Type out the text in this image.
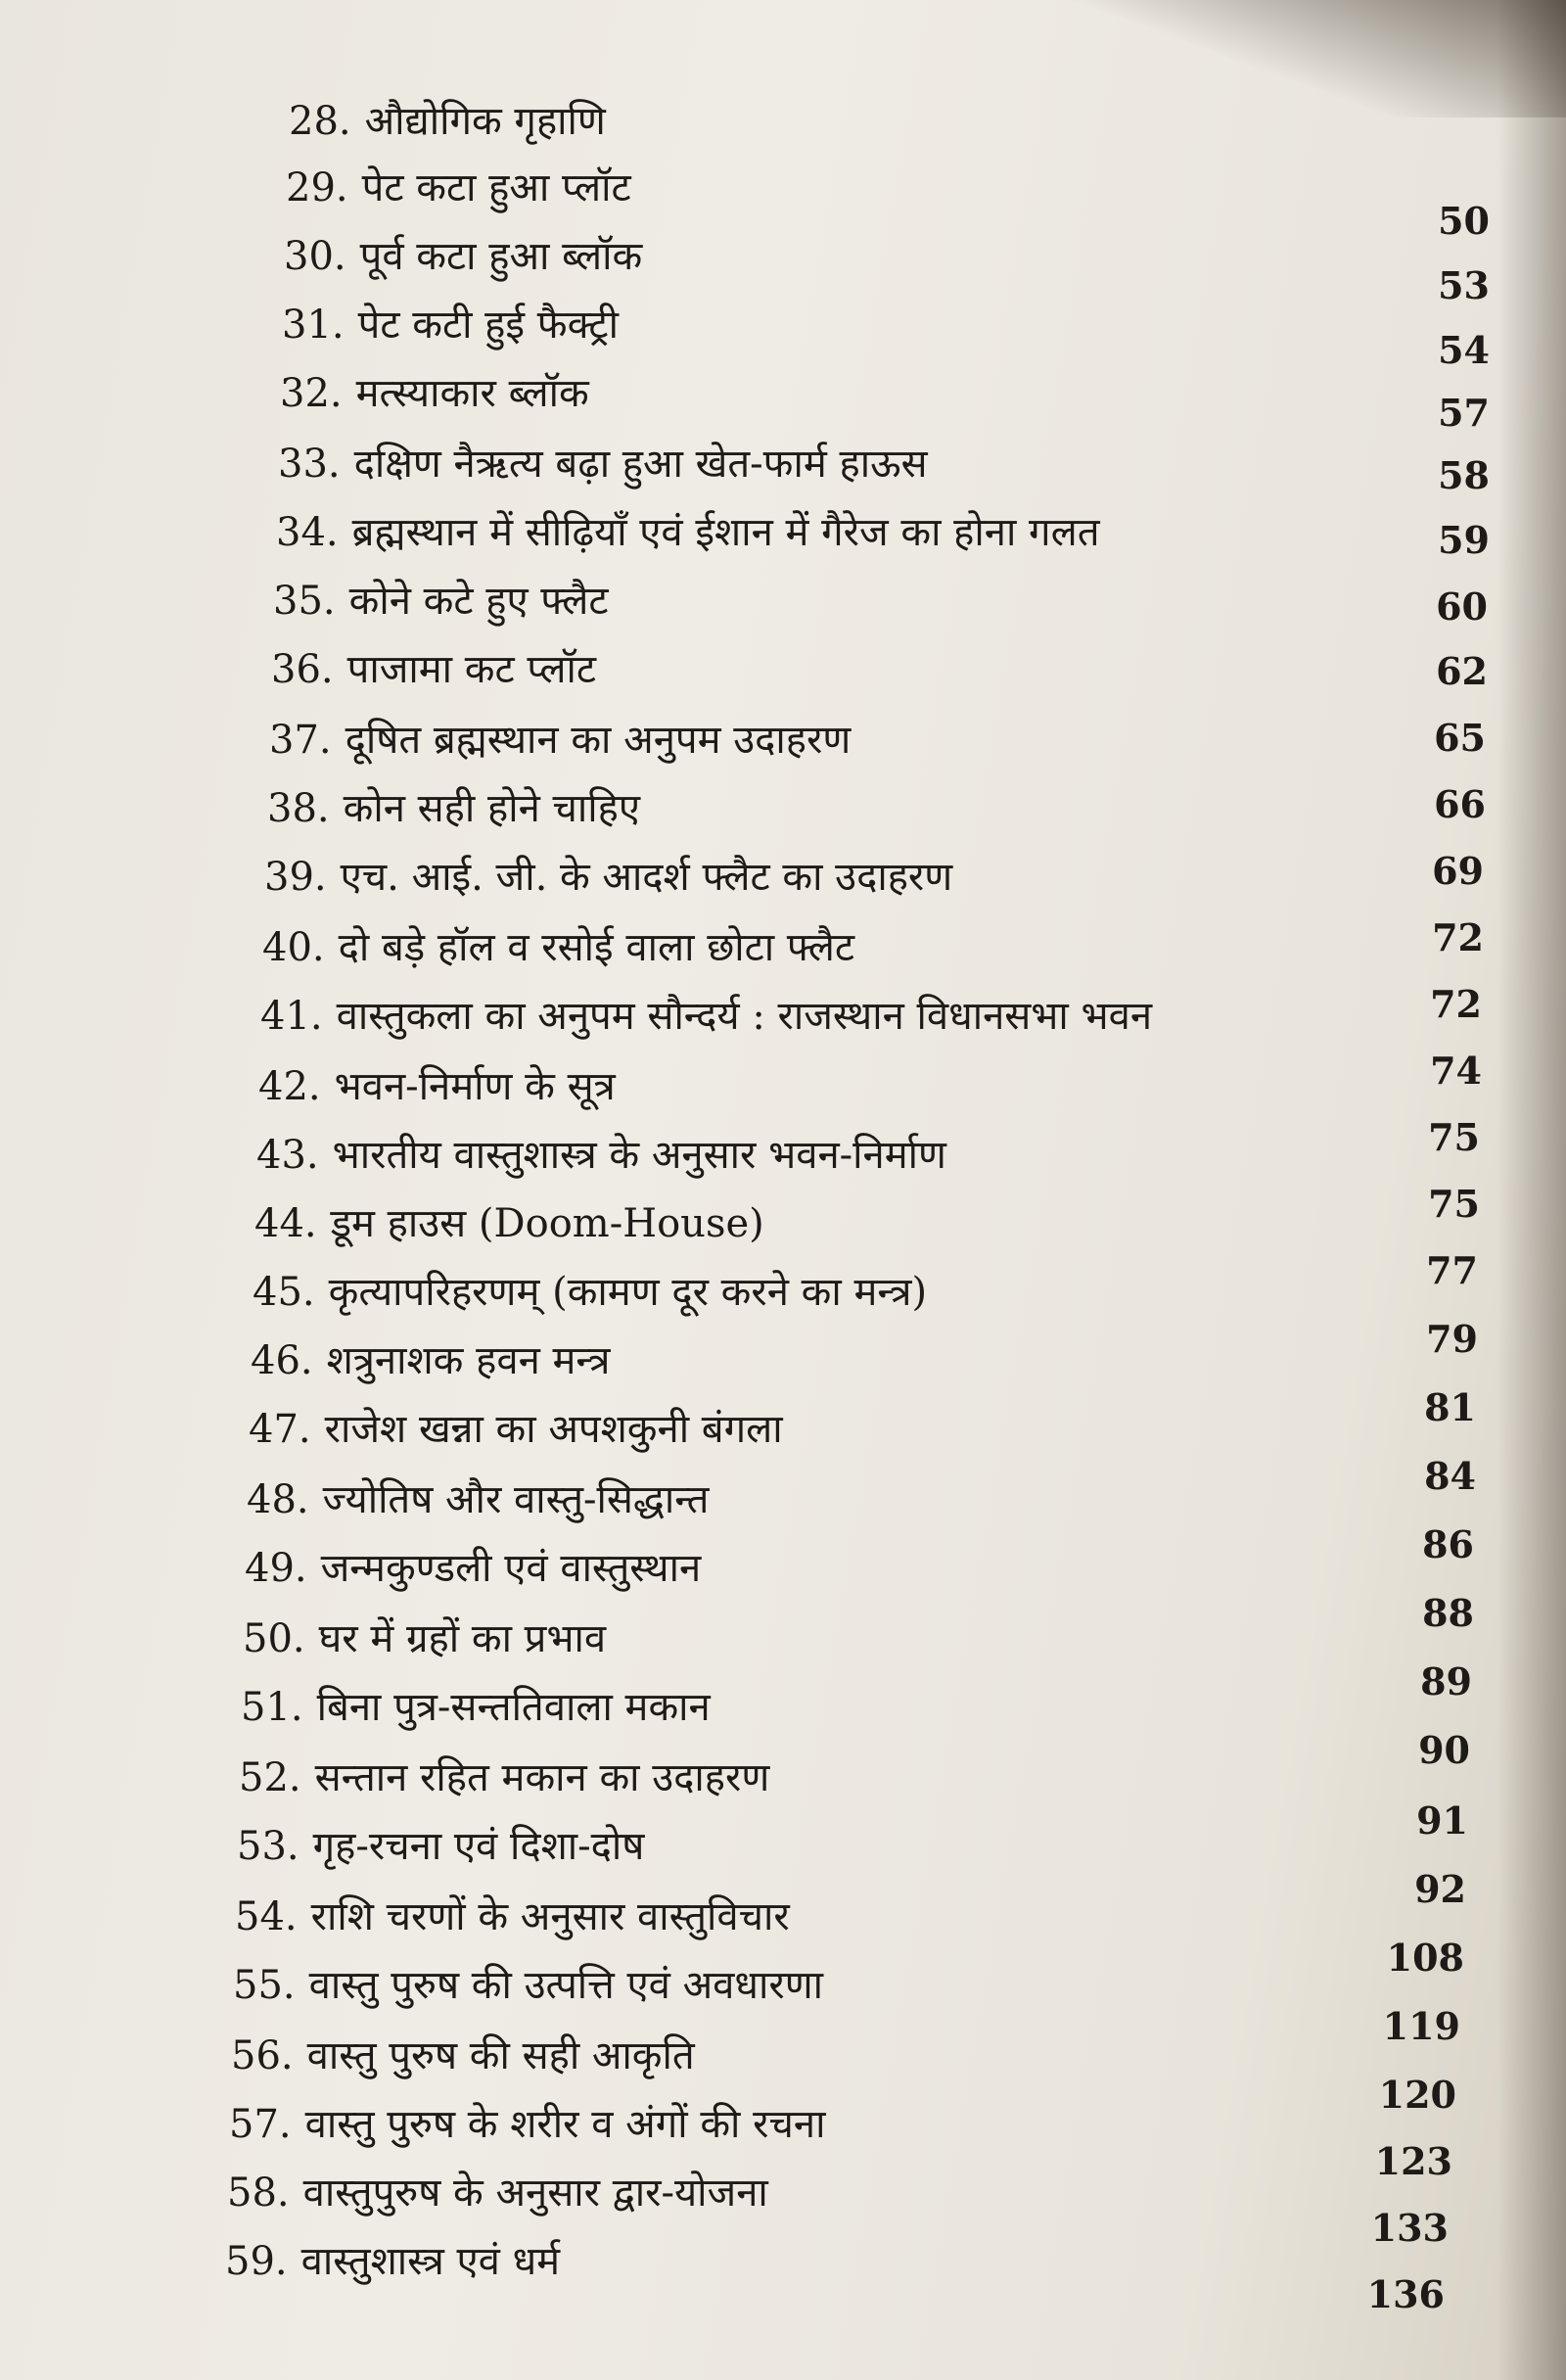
28. औद्योगिक गृहाणि
29. पेट कटा हुआ प्लॉट
30. पूर्व कटा हुआ ब्लॉक
31. पेट कटी हुई फैक्ट्री
32. मत्स्याकार ब्लॉक
33. दक्षिण नैऋत्य बढ़ा हुआ खेत-फार्म हाऊस
34. ब्रह्मस्थान में सीढ़ियाँ एवं ईशान में गैरेज का होना गलत
35. कोने कटे हुए फ्लैट
36. पाजामा कट प्लॉट
37. दूषित ब्रह्मस्थान का अनुपम उदाहरण
38. कोन सही होने चाहिए
39. एच. आई. जी. के आदर्श फ्लैट का उदाहरण
40. दो बड़े हॉल व रसोई वाला छोटा फ्लैट
41. वास्तुकला का अनुपम सौन्दर्य : राजस्थान विधानसभा भवन
42. भवन-निर्माण के सूत्र
43. भारतीय वास्तुशास्त्र के अनुसार भवन-निर्माण
44. डूम हाउस (Doom-House)
45. कृत्यापरिहरणम् (कामण दूर करने का मन्त्र)
46. शत्रुनाशक हवन मन्त्र
47. राजेश खन्ना का अपशकुनी बंगला
48. ज्योतिष और वास्तु-सिद्धान्त
49. जन्मकुण्डली एवं वास्तुस्थान
50. घर में ग्रहों का प्रभाव
51. बिना पुत्र-सन्ततिवाला मकान
52. सन्तान रहित मकान का उदाहरण
53. गृह-रचना एवं दिशा-दोष
54. राशि चरणों के अनुसार वास्तुविचार
55. वास्तु पुरुष की उत्पत्ति एवं अवधारणा
56. वास्तु पुरुष की सही आकृति
57. वास्तु पुरुष के शरीर व अंगों की रचना
58. वास्तुपुरुष के अनुसार द्वार-योजना
59. वास्तुशास्त्र एवं धर्म
50
53
54
57
58
59
60
62
65
66
69
72
72
74
75
75
77
79
81
84
86
88
89
90
91
92
108
119
120
123
133
136
